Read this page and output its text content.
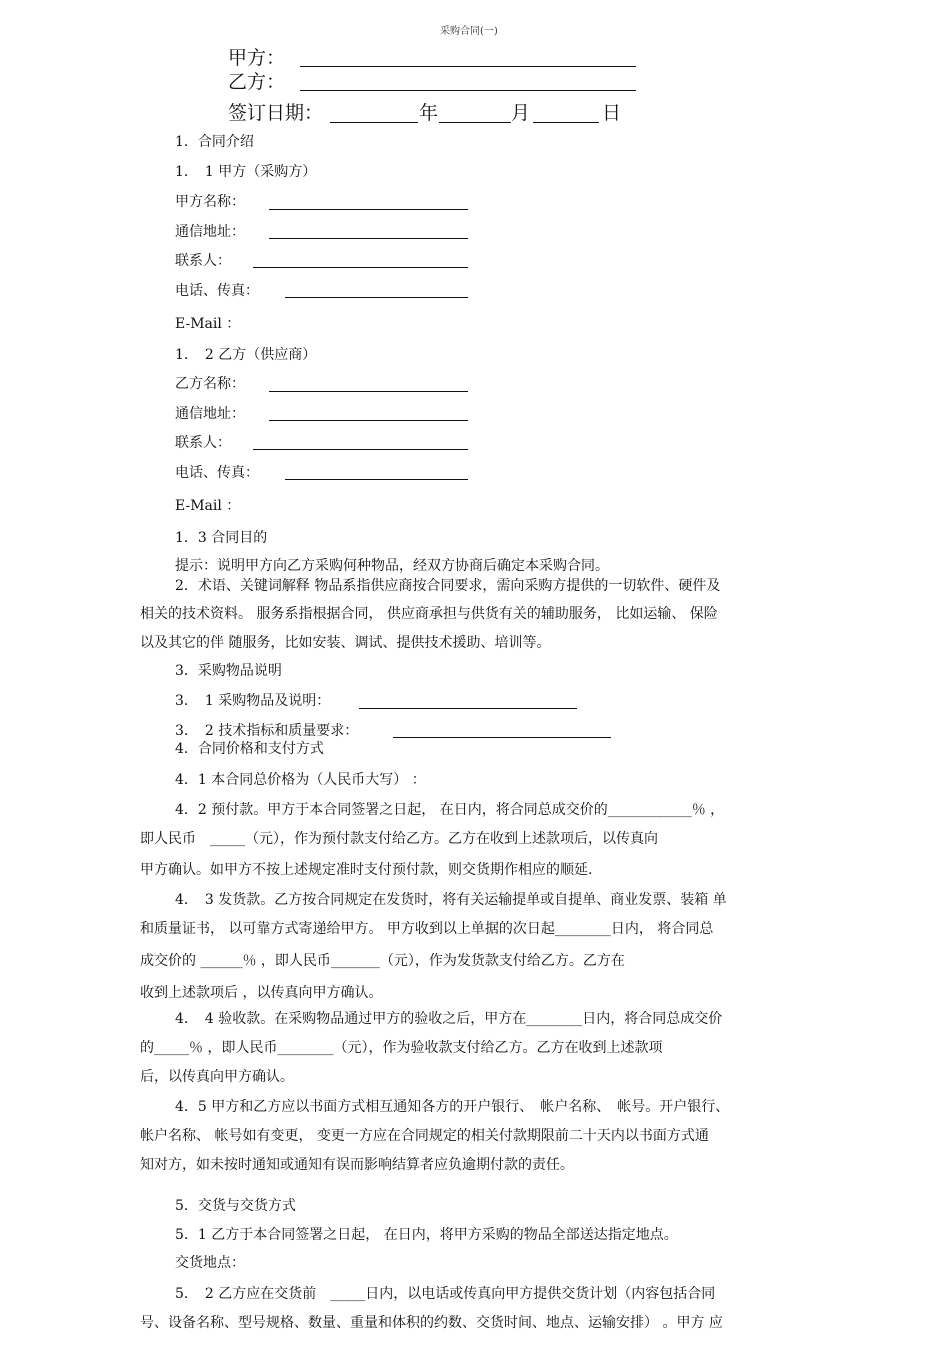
采购合同(一)
甲方：
乙方：
签订日期：	年	月	日
1．合同介绍
1．　1 甲方（采购方）
甲方名称：
通信地址：
联系人：
电话、传真：
E-Mail ：
1．　2 乙方（供应商）
乙方名称：
通信地址：
联系人：
电话、传真：
E-Mail ：
1．3 合同目的
提示：说明甲方向乙方采购何种物品，经双方协商后确定本采购合同。
2．术语、关键词解释 物品系指供应商按合同要求，需向采购方提供的一切软件、硬件及
相关的技术资料。 服务系指根据合同， 供应商承担与供货有关的辅助服务， 比如运输、 保险
以及其它的伴 随服务，比如安装、调试、提供技术援助、培训等。
3．采购物品说明
3．　1 采购物品及说明：
3．　2 技术指标和质量要求：
4．合同价格和支付方式
4．1 本合同总价格为（人民币大写） ：
4．2 预付款。甲方于本合同签署之日起， 在日内，将合同总成交价的____________％ ，
即人民币　_____（元），作为预付款支付给乙方。乙方在收到上述款项后，以传真向
甲方确认。如甲方不按上述规定准时支付预付款，则交货期作相应的顺延.
4．　3 发货款。乙方按合同规定在发货时，将有关运输提单或自提单、商业发票、装箱 单
和质量证书， 以可靠方式寄递给甲方。 甲方收到以上单据的次日起________日内， 将合同总
成交价的 ______％ ，即人民币_______（元），作为发货款支付给乙方。乙方在
收到上述款项后 ，以传真向甲方确认。
4．　4 验收款。在采购物品通过甲方的验收之后，甲方在________日内，将合同总成交价
的_____％ ，即人民币________（元），作为验收款支付给乙方。乙方在收到上述款项
后，以传真向甲方确认。
4．5 甲方和乙方应以书面方式相互通知各方的开户银行、　帐户名称、　帐号。开户银行、
帐户名称、 帐号如有变更， 变更一方应在合同规定的相关付款期限前二十天内以书面方式通
知对方，如未按时通知或通知有误而影响结算者应负逾期付款的责任。
5．交货与交货方式
5．1 乙方于本合同签署之日起， 在日内，将甲方采购的物品全部送达指定地点。
交货地点：
5．　2 乙方应在交货前　_____日内，以电话或传真向甲方提供交货计划（内容包括合同
号、设备名称、型号规格、数量、重量和体积的约数、交货时间、地点、运输安排） 。甲方 应
